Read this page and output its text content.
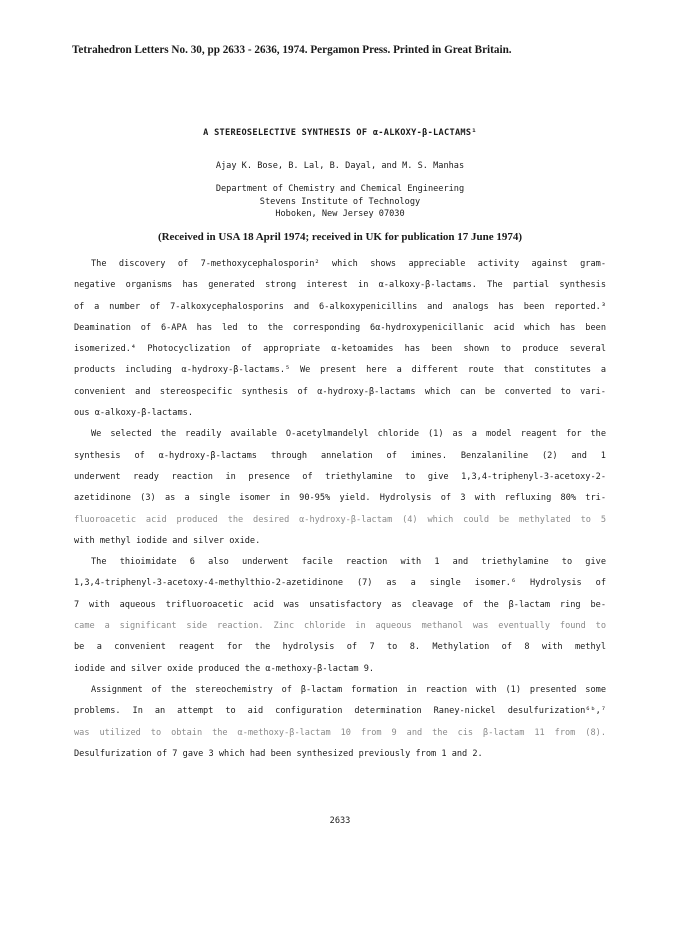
Tetrahedron Letters No. 30, pp 2633 - 2636, 1974. Pergamon Press. Printed in Great Britain.
A STEREOSELECTIVE SYNTHESIS OF α-ALKOXY-β-LACTAMS¹
Ajay K. Bose, B. Lal, B. Dayal, and M. S. Manhas
Department of Chemistry and Chemical Engineering
Stevens Institute of Technology
Hoboken, New Jersey 07030
(Received in USA 18 April 1974; received in UK for publication 17 June 1974)
The discovery of 7-methoxycephalosporin² which shows appreciable activity against gram-
negative organisms has generated strong interest in α-alkoxy-β-lactams. The partial synthesis
of a number of 7-alkoxycephalosporins and 6-alkoxypenicillins and analogs has been reported.³
Deamination of 6-APA has led to the corresponding 6α-hydroxypenicillanic acid which has been
isomerized.⁴ Photocyclization of appropriate α-ketoamides has been shown to produce several
products including α-hydroxy-β-lactams.⁵ We present here a different route that constitutes a
convenient and stereospecific synthesis of α-hydroxy-β-lactams which can be converted to vari-
ous α-alkoxy-β-lactams.
We selected the readily available O-acetylmandelyl chloride (1) as a model reagent for the
synthesis of α-hydroxy-β-lactams through annelation of imines. Benzalaniline (2) and 1
underwent ready reaction in presence of triethylamine to give 1,3,4-triphenyl-3-acetoxy-2-
azetidinone (3) as a single isomer in 90-95% yield. Hydrolysis of 3 with refluxing 80% tri-
fluoroacetic acid produced the desired α-hydroxy-β-lactam (4) which could be methylated to 5
with methyl iodide and silver oxide.
The thioimidate 6 also underwent facile reaction with 1 and triethylamine to give
1,3,4-triphenyl-3-acetoxy-4-methylthio-2-azetidinone (7) as a single isomer.⁶ Hydrolysis of
7 with aqueous trifluoroacetic acid was unsatisfactory as cleavage of the β-lactam ring be-
came a significant side reaction. Zinc chloride in aqueous methanol was eventually found to
be a convenient reagent for the hydrolysis of 7 to 8. Methylation of 8 with methyl
iodide and silver oxide produced the α-methoxy-β-lactam 9.
Assignment of the stereochemistry of β-lactam formation in reaction with (1) presented some
problems. In an attempt to aid configuration determination Raney-nickel desulfurization⁶ᵇ,⁷
was utilized to obtain the α-methoxy-β-lactam 10 from 9 and the cis β-lactam 11 from (8).
Desulfurization of 7 gave 3 which had been synthesized previously from 1 and 2.
2633
